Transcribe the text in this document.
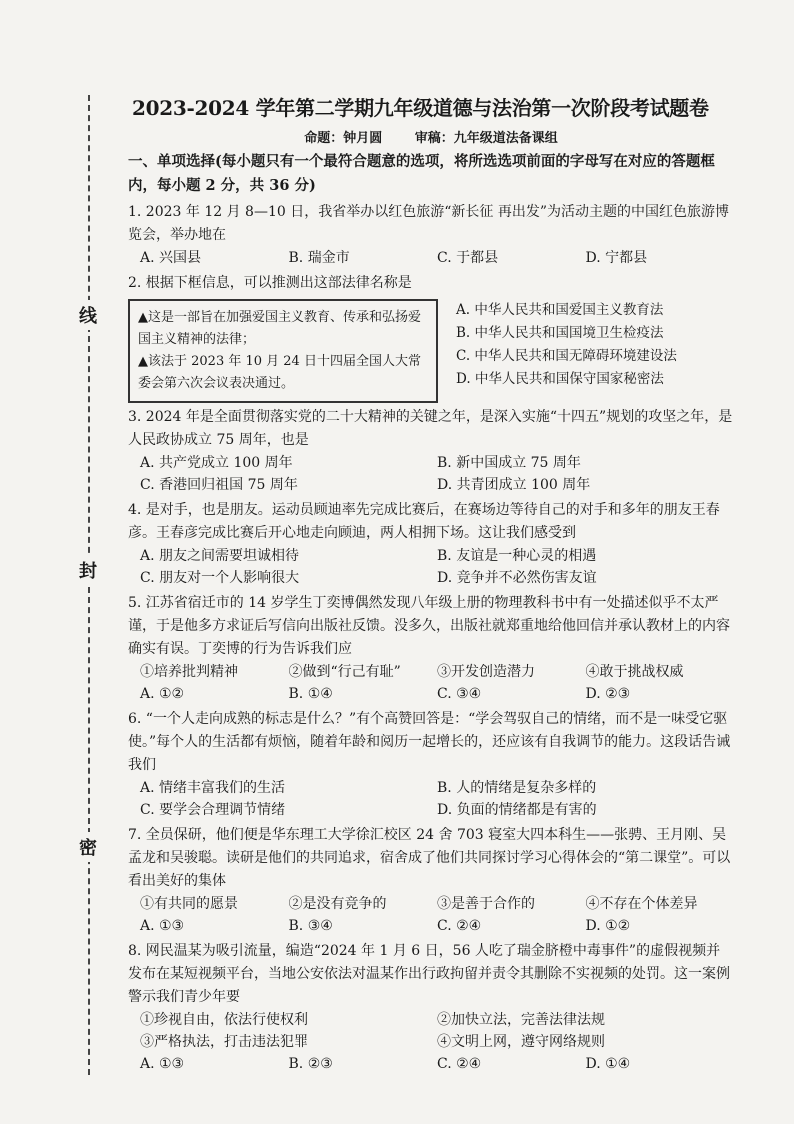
线
封
密
2023-2024 学年第二学期九年级道德与法治第一次阶段考试题卷
命题：钟月圆	审稿：九年级道法备课组
一、单项选择(每小题只有一个最符合题意的选项，将所选选项前面的字母写在对应的答题框内，每小题 2 分，共 36 分)
1. 2023 年 12 月 8—10 日，我省举办以红色旅游“新长征 再出发”为活动主题的中国红色旅游博览会，举办地在
A. 兴国县	B. 瑞金市	C. 于都县	D. 宁都县
2. 根据下框信息，可以推测出这部法律名称是
▲这是一部旨在加强爱国主义教育、传承和弘扬爱国主义精神的法律；
▲该法于 2023 年 10 月 24 日十四届全国人大常委会第六次会议表决通过。
A. 中华人民共和国爱国主义教育法
B. 中华人民共和国国境卫生检疫法
C. 中华人民共和国无障碍环境建设法
D. 中华人民共和国保守国家秘密法
3. 2024 年是全面贯彻落实党的二十大精神的关键之年，是深入实施“十四五”规划的攻坚之年，是人民政协成立 75 周年，也是
A. 共产党成立 100 周年	B. 新中国成立 75 周年
C. 香港回归祖国 75 周年	D. 共青团成立 100 周年
4. 是对手，也是朋友。运动员顾迪率先完成比赛后，在赛场边等待自己的对手和多年的朋友王春彦。王春彦完成比赛后开心地走向顾迪，两人相拥下场。这让我们感受到
A. 朋友之间需要坦诚相待	B. 友谊是一种心灵的相遇
C. 朋友对一个人影响很大	D. 竞争并不必然伤害友谊
5. 江苏省宿迁市的 14 岁学生丁奕博偶然发现八年级上册的物理教科书中有一处描述似乎不太严谨，于是他多方求证后写信向出版社反馈。没多久，出版社就郑重地给他回信并承认教材上的内容确实有误。丁奕博的行为告诉我们应
①培养批判精神	②做到“行己有耻”	③开发创造潜力	④敢于挑战权威
A. ①②	B. ①④	C. ③④	D. ②③
6. “一个人走向成熟的标志是什么？”有个高赞回答是：“学会驾驭自己的情绪，而不是一味受它驱使。”每个人的生活都有烦恼，随着年龄和阅历一起增长的，还应该有自我调节的能力。这段话告诫我们
A. 情绪丰富我们的生活	B. 人的情绪是复杂多样的
C. 要学会合理调节情绪	D. 负面的情绪都是有害的
7. 全员保研，他们便是华东理工大学徐汇校区 24 舍 703 寝室大四本科生——张骋、王月刚、吴孟龙和吴骏聪。读研是他们的共同追求，宿舍成了他们共同探讨学习心得体会的“第二课堂”。可以看出美好的集体
①有共同的愿景	②是没有竞争的	③是善于合作的	④不存在个体差异
A. ①③	B. ③④	C. ②④	D. ①②
8. 网民温某为吸引流量，编造“2024 年 1 月 6 日，56 人吃了瑞金脐橙中毒事件”的虚假视频并发布在某短视频平台，当地公安依法对温某作出行政拘留并责令其删除不实视频的处罚。这一案例警示我们青少年要
①珍视自由，依法行使权利	②加快立法，完善法律法规
③严格执法，打击违法犯罪	④文明上网，遵守网络规则
A. ①③	B. ②③	C. ②④	D. ①④
